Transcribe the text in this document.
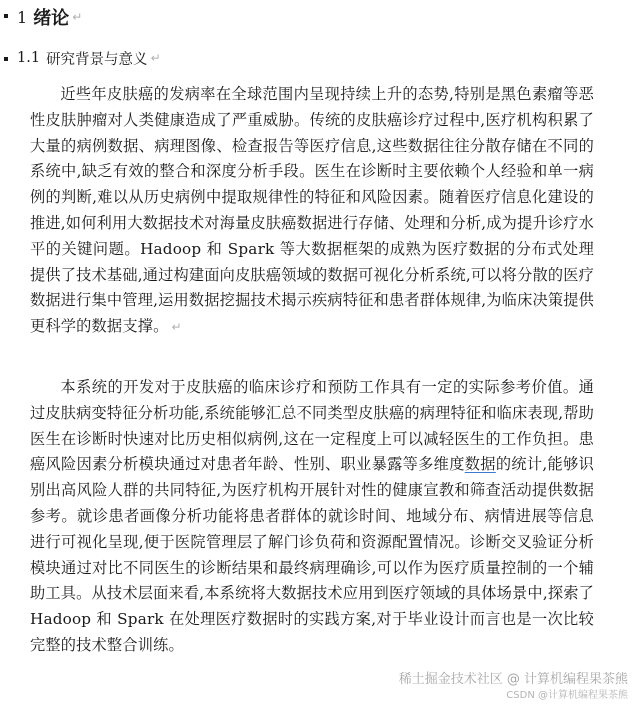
1 绪论 ↵
1.1 研究背景与意义 ↵
近些年皮肤癌的发病率在全球范围内呈现持续上升的态势,特别是黑色素瘤等恶性皮肤肿瘤对人类健康造成了严重威胁。传统的皮肤癌诊疗过程中,医疗机构积累了大量的病例数据、病理图像、检查报告等医疗信息,这些数据往往分散存储在不同的系统中,缺乏有效的整合和深度分析手段。医生在诊断时主要依赖个人经验和单一病例的判断,难以从历史病例中提取规律性的特征和风险因素。随着医疗信息化建设的推进,如何利用大数据技术对海量皮肤癌数据进行存储、处理和分析,成为提升诊疗水平的关键问题。Hadoop 和 Spark 等大数据框架的成熟为医疗数据的分布式处理提供了技术基础,通过构建面向皮肤癌领域的数据可视化分析系统,可以将分散的医疗数据进行集中管理,运用数据挖掘技术揭示疾病特征和患者群体规律,为临床决策提供更科学的数据支撑。 ↵
本系统的开发对于皮肤癌的临床诊疗和预防工作具有一定的实际参考价值。通过皮肤病变特征分析功能,系统能够汇总不同类型皮肤癌的病理特征和临床表现,帮助医生在诊断时快速对比历史相似病例,这在一定程度上可以减轻医生的工作负担。患癌风险因素分析模块通过对患者年龄、性别、职业暴露等多维度数据的统计,能够识别出高风险人群的共同特征,为医疗机构开展针对性的健康宣教和筛查活动提供数据参考。就诊患者画像分析功能将患者群体的就诊时间、地域分布、病情进展等信息进行可视化呈现,便于医院管理层了解门诊负荷和资源配置情况。诊断交叉验证分析模块通过对比不同医生的诊断结果和最终病理确诊,可以作为医疗质量控制的一个辅助工具。从技术层面来看,本系统将大数据技术应用到医疗领域的具体场景中,探索了 Hadoop 和 Spark 在处理医疗数据时的实践方案,对于毕业设计而言也是一次比较完整的技术整合训练。
稀土掘金技术社区 @ 计算机编程果茶熊
CSDN @计算机编程果茶熊
